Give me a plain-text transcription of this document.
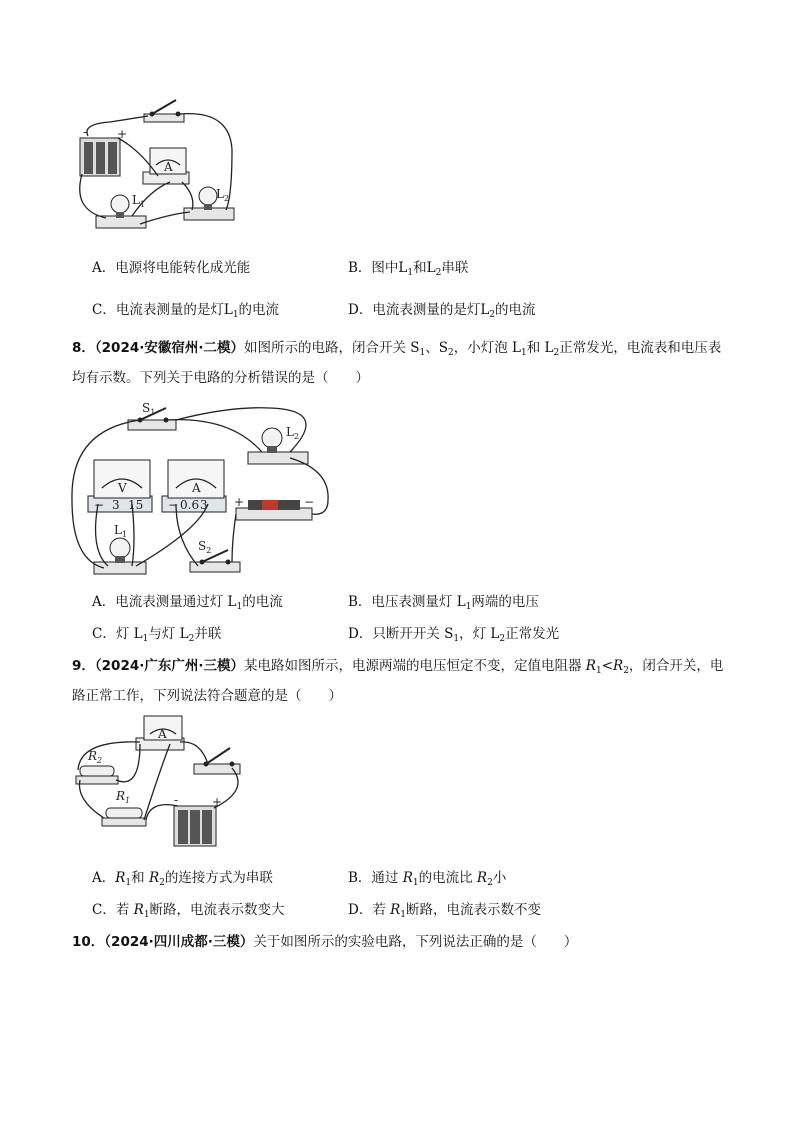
- +
A
$L_1$
$L_2$
A．电源将电能转化成光能	B．图中$L_1$和$L_2$串联
C．电流表测量的是灯$L_1$的电流	D．电流表测量的是灯$L_2$的电流
8．（2024·安徽宿州·二模）如图所示的电路，闭合开关 $S_1$、$S_2$，小灯泡 $L_1$和 $L_2$正常发光，电流表和电压表
均有示数。下列关于电路的分析错误的是（　　）
$S_1$
$L_2$
V
− 3 15
A
− 0.6 3 +	−
$L_1$
$S_2$
A．电流表测量通过灯 $L_1$的电流	B．电压表测量灯 $L_1$两端的电压
C．灯 $L_1$与灯 $L_2$并联	D．只断开开关 $S_1$，灯 $L_2$正常发光
9．（2024·广东广州·三模）某电路如图所示，电源两端的电压恒定不变，定值电阻器 $R_1<R_2$，闭合开关，电
路正常工作，下列说法符合题意的是（　　）
A
$R_2$
$R_1$	-	+
A．$R_1$和 $R_2$的连接方式为串联	B．通过 $R_1$的电流比 $R_2$小
C．若 $R_1$断路，电流表示数变大	D．若 $R_1$断路，电流表示数不变
10．（2024·四川成都·三模）关于如图所示的实验电路，下列说法正确的是（　　）
